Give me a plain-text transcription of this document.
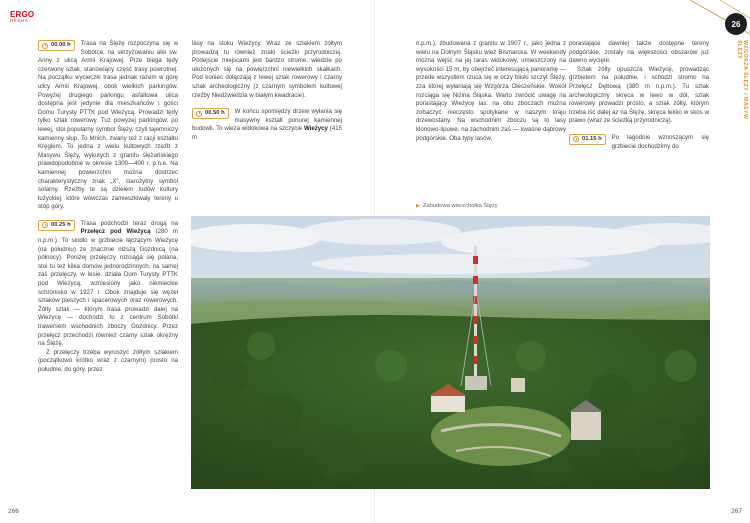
ERGO
HEXHA

00.00 h Trasa na Ślężę rozpoczyna się w Sobótce, na skrzyżowaniu alei św. Anny z ulicą Armii Krajowej. Prze biega tędy czerwony szlak, stanowiący część trasy powrotnej. Na początku wycieczki trasa jednak razem w górę ulicy Armii Krajowej, obok wielkich parkingów. Powyżej drugiego parkingu asfaltowa ulica dostępna jest jedynie dla mieszkańców i gości Domu Turysty PTTK pod Wieżycą. Prowadzi tędy tylko szlak rowerowy. Tuż powyżej parkingów, po lewej, stoi popularny symbol Ślęży, czyli tajemniczy kamienny słup. To Mnich, zwany też z racji kształtu Kręglem. To jedna z wielu kultowych rzeźb z Masywu Ślęży, wykutych z granitu ślężańskiego prawdopodobnie w okresie 1300—400 r. p.n.e. Na kamiennej powierzchni można dostrzec charakterystyczny znak „X", starożytny symbol solarny. Rzeźby te są dziełem ludów kultury łużyckiej, które wówczas zamieszkiwały tereny u stóp góry.

00.25 h Trasa podchodzi teraz drogą na Przełęcz pod Wieżycą (280 m n.p.m.). To siodło w grzbiecie łączącym Wieżycę (na południu) ze znacznie niższą Gozdnicą (na północy). Poniżej przełęczy rozciąga się polana, stoi tu też kilka domów jednorodzinnych, na samej zaś przełęczy, w lesie, działa Dom Turysty PTTK pod Wieżycą, wzniesiony jako niemieckie schronisko w 1927 r. Obok znajduje się węzeł szlaków pieszych i spacerowych oraz rowerowych. Żółty szlak — którym trasa prowadzi dalej na Wieżycę — dochodzi tu z centrum Sobótki trawersem wschodnich zboczy Gozdnicy. Przez przełęcz przechodzi również czarny szlak okrężny na Ślężę.

Z przełęczy trzeba wyruszyć żółtym szlakiem (początkowo krótko wraz z czarnym) prosto na południe, do góry, przez

lasy na stoku Wieżycy. Wraz ze szlakiem żółtym prowadzą tu również znaki ścieżki przyrodniczej. Podejście miejscami jest bardzo strome, wiedzie po ułożonych się na powierzchni niewielkich skałkach. Pod koniec dołączają z lewej szlak rowerowy i czarny szlak archeologiczny (z czarnym symbolem kultowej rzeźby Niedźwiedzia w białym kwadracie).

00.50 h W końcu spomiędzy drzew wyłania się masywny kształt ponurej kamiennej budowli. To wieża widokowa na szczycie Wieżycy (415 m

266
26
WZGÓRZA ŚLĘŻY / MASYW ŚLĘŻY

n.p.m.), zbudowana z granitu w 1907 r., jako jedna z wielu na Dolnym Śląsku wież Bismarcka. W weekendy można wejść na jej taras widokowy, umieszczony na wysokości 15 m, by obejrzeć interesującą panoramę — przede wszystkim rzuca się w oczy bliski szczyt Ślęży, zza której wyłaniają się Wzgórza Oleszeńskie. Wokół rozciąga się Nizina Śląska. Warto zwrócić uwagę na porastający Wieżycę las: na obu zboczach można zobaczyć nieczęsto spotykane w naszym kraju drzewostany. Na wschodnim zboczu są to lasy klonowo-lipowe, na zachodnim zaś — kwaśne dąbrowy podgórskie. Oba typy lasów,

▶ Zabudowa wierzchołka Ślęży

porastające dawniej także dostępne tereny podgórskie, zostały na większości obszarów już dawno wycięte.

Szlak żółty opuszcza Wieżycę, prowadząc grzbietem na południe, i schodzi stromo na Przełęcz Dębową (380 m n.p.m.). Tu szlak archeologiczny skręca w lewo w dół, szlak rowerowy prowadzi prosto, a szlak żółty, którym trzeba iść dalej az na Ślężę, skręca lekko w skos w prawo (wraz ze ścieżką przyrodniczą).

01.15 h Po łagodnie wznoszącym się grzbiecie dochodzimy do

267
